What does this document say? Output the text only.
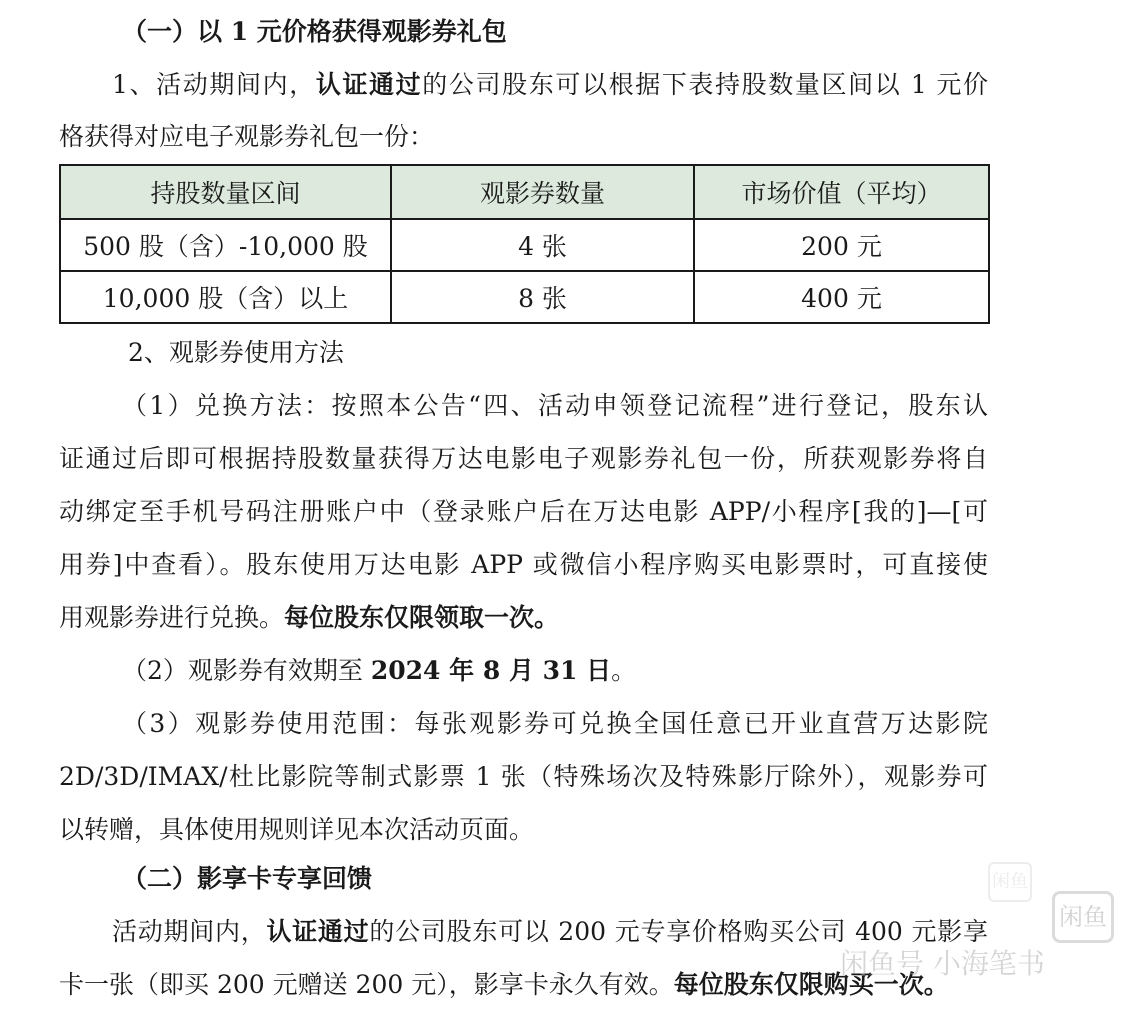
（一）以 1 元价格获得观影券礼包
1、活动期间内，认证通过的公司股东可以根据下表持股数量区间以 1 元价
格获得对应电子观影券礼包一份：
持股数量区间	观影券数量	市场价值（平均）
500 股（含）-10,000 股	4 张	200 元
10,000 股（含）以上	8 张	400 元
2、观影券使用方法
（1）兑换方法：按照本公告“四、活动申领登记流程”进行登记，股东认
证通过后即可根据持股数量获得万达电影电子观影券礼包一份，所获观影券将自
动绑定至手机号码注册账户中（登录账户后在万达电影 APP/小程序[我的]—[可
用券]中查看）。股东使用万达电影 APP 或微信小程序购买电影票时，可直接使
用观影券进行兑换。每位股东仅限领取一次。
（2）观影券有效期至 2024 年 8 月 31 日。
（3）观影券使用范围：每张观影券可兑换全国任意已开业直营万达影院
2D/3D/IMAX/杜比影院等制式影票 1 张（特殊场次及特殊影厅除外），观影券可
以转赠，具体使用规则详见本次活动页面。
（二）影享卡专享回馈
活动期间内，认证通过的公司股东可以 200 元专享价格购买公司 400 元影享
卡一张（即买 200 元赠送 200 元），影享卡永久有效。每位股东仅限购买一次。
闲鱼
闲鱼
闲鱼号 小海笔书
